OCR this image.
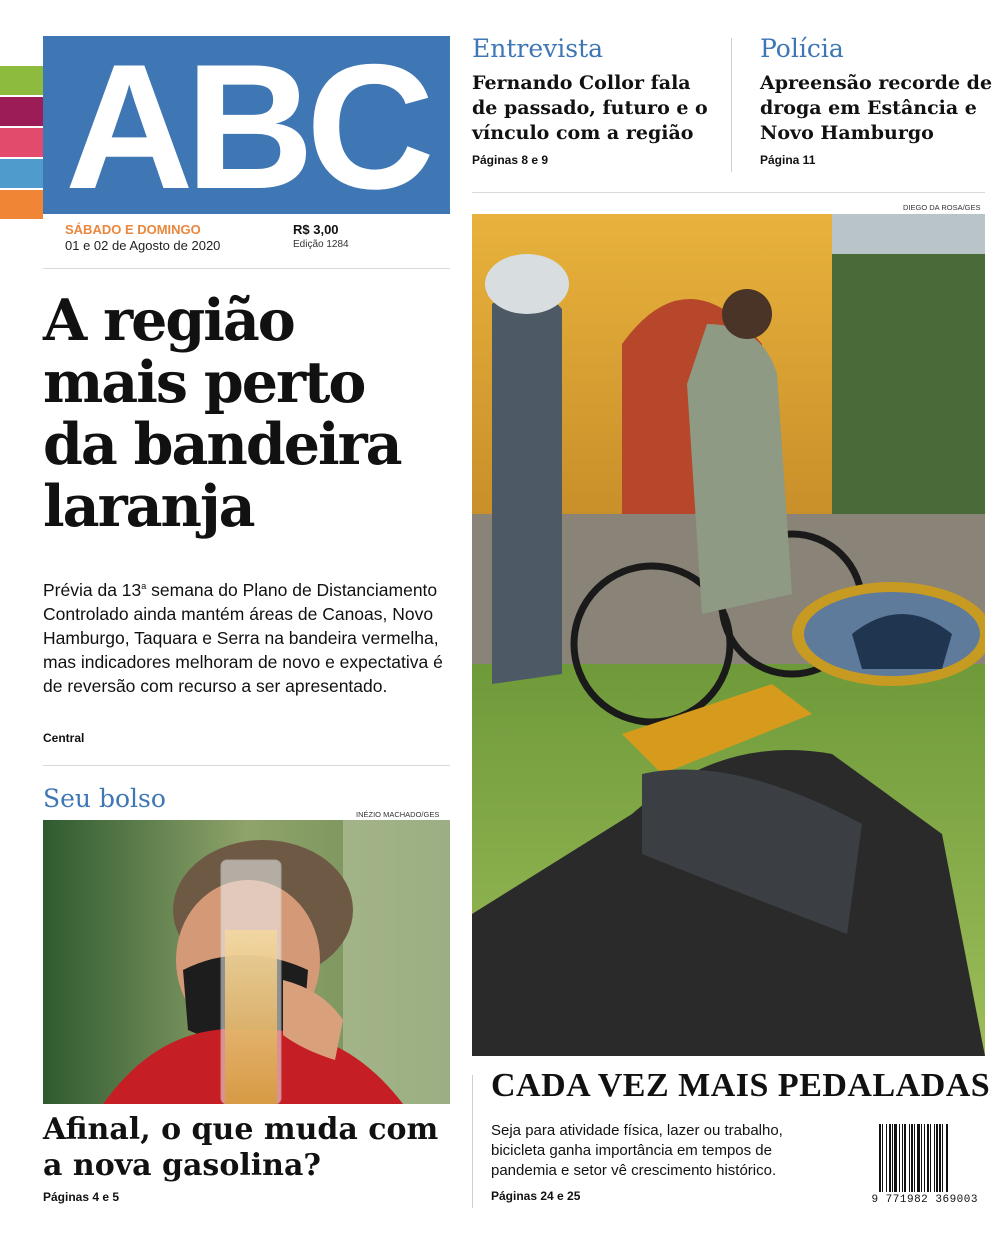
ABC
SÁBADO E DOMINGO
01 e 02 de Agosto de 2020
R$ 3,00
Edição 1284
Entrevista
Fernando Collor fala de passado, futuro e o vínculo com a região
Páginas 8 e 9
Polícia
Apreensão recorde de droga em Estância e Novo Hamburgo
Página 11
A região mais perto da bandeira laranja
Prévia da 13$^a$ semana do Plano de Distanciamento Controlado ainda mantém áreas de Canoas, Novo Hamburgo, Taquara e Serra na bandeira vermelha, mas indicadores melhoram de novo e expectativa é de reversão com recurso a ser apresentado.
Central
Seu bolso
INÉZIO MACHADO/GES
Afinal, o que muda com a nova gasolina?
Páginas 4 e 5
DIEGO DA ROSA/GES
CADA VEZ MAIS PEDALADAS
Seja para atividade física, lazer ou trabalho, bicicleta ganha importância em tempos de pandemia e setor vê crescimento histórico.
Páginas 24 e 25	9 771982 369003
